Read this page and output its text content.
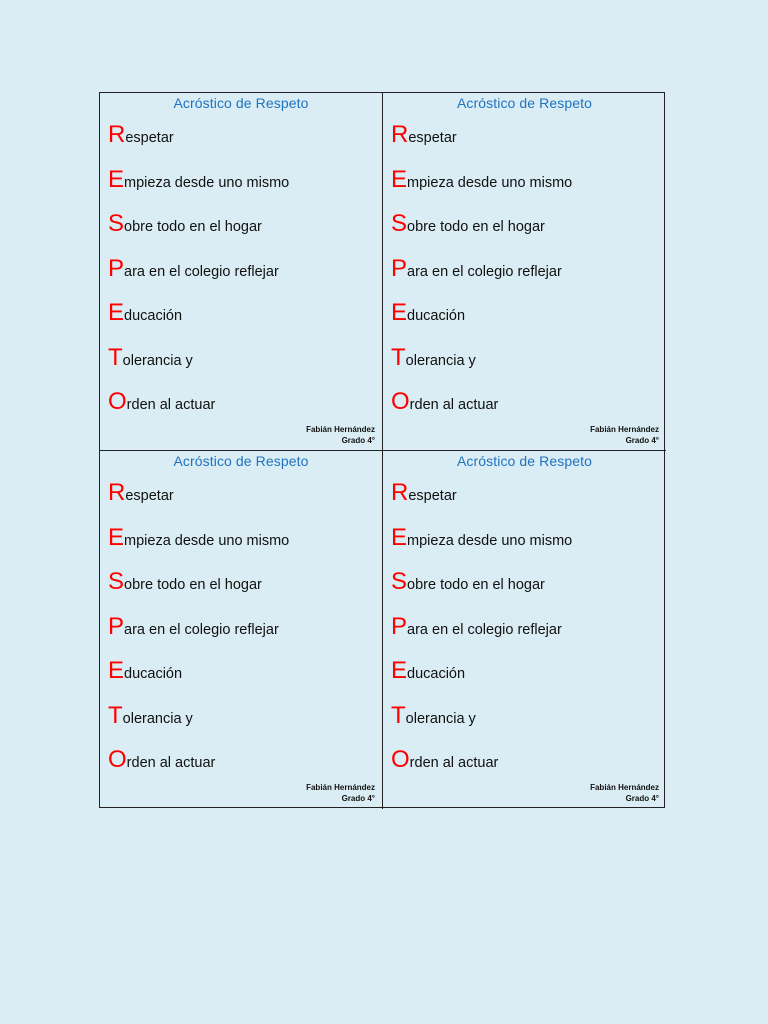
Acróstico de Respeto
Respetar
Empieza desde uno mismo
Sobre todo en el hogar
Para en el colegio reflejar
Educación
Tolerancia y
Orden al actuar
Fabián Hernández
Grado 4°
Acróstico de Respeto
Respetar
Empieza desde uno mismo
Sobre todo en el hogar
Para en el colegio reflejar
Educación
Tolerancia y
Orden al actuar
Fabián Hernández
Grado 4°
Acróstico de Respeto
Respetar
Empieza desde uno mismo
Sobre todo en el hogar
Para en el colegio reflejar
Educación
Tolerancia y
Orden al actuar
Fabián Hernández
Grado 4°
Acróstico de Respeto
Respetar
Empieza desde uno mismo
Sobre todo en el hogar
Para en el colegio reflejar
Educación
Tolerancia y
Orden al actuar
Fabián Hernández
Grado 4°
